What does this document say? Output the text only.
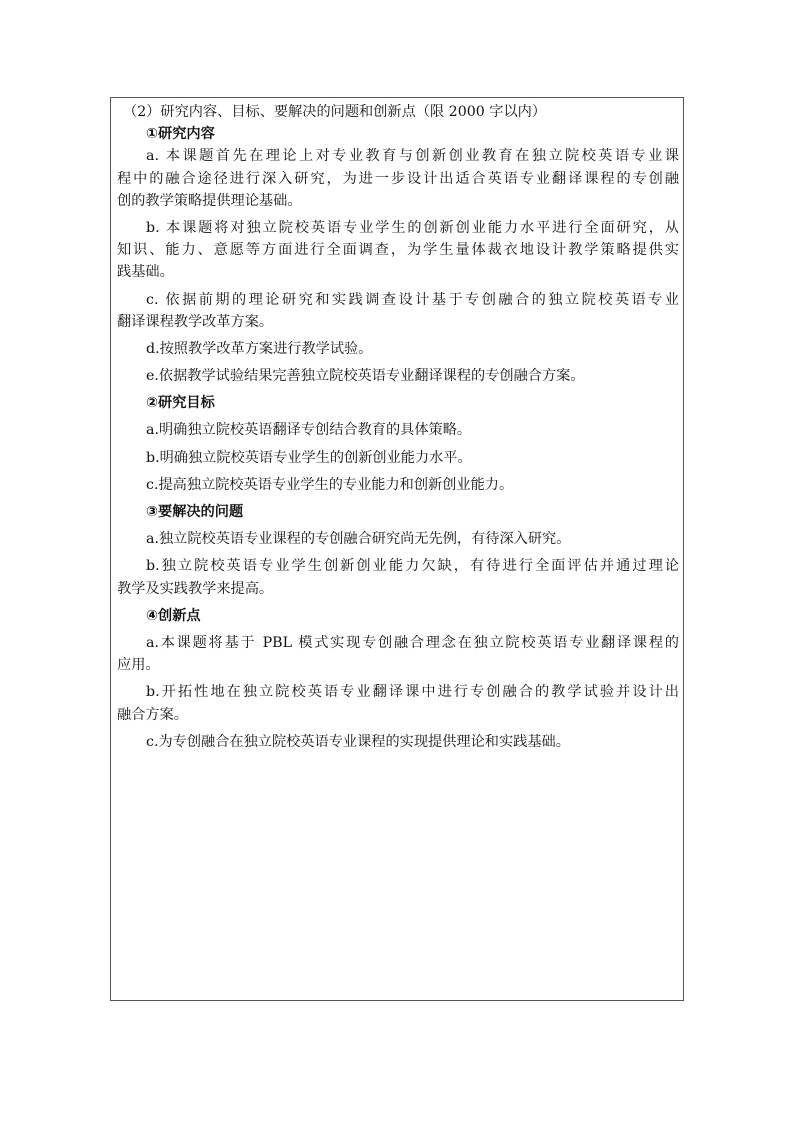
（2）研究内容、目标、要解决的问题和创新点（限 2000 字以内）
①研究内容
a. 本课题首先在理论上对专业教育与创新创业教育在独立院校英语专业课
程中的融合途径进行深入研究，为进一步设计出适合英语专业翻译课程的专创融
创的教学策略提供理论基础。
b. 本课题将对独立院校英语专业学生的创新创业能力水平进行全面研究，从
知识、能力、意愿等方面进行全面调查，为学生量体裁衣地设计教学策略提供实
践基础。
c. 依据前期的理论研究和实践调查设计基于专创融合的独立院校英语专业
翻译课程教学改革方案。
d.按照教学改革方案进行教学试验。
e.依据教学试验结果完善独立院校英语专业翻译课程的专创融合方案。
②研究目标
a.明确独立院校英语翻译专创结合教育的具体策略。
b.明确独立院校英语专业学生的创新创业能力水平。
c.提高独立院校英语专业学生的专业能力和创新创业能力。
③要解决的问题
a.独立院校英语专业课程的专创融合研究尚无先例，有待深入研究。
b.独立院校英语专业学生创新创业能力欠缺，有待进行全面评估并通过理论
教学及实践教学来提高。
④创新点
a.本课题将基于 PBL 模式实现专创融合理念在独立院校英语专业翻译课程的
应用。
b.开拓性地在独立院校英语专业翻译课中进行专创融合的教学试验并设计出
融合方案。
c.为专创融合在独立院校英语专业课程的实现提供理论和实践基础。
